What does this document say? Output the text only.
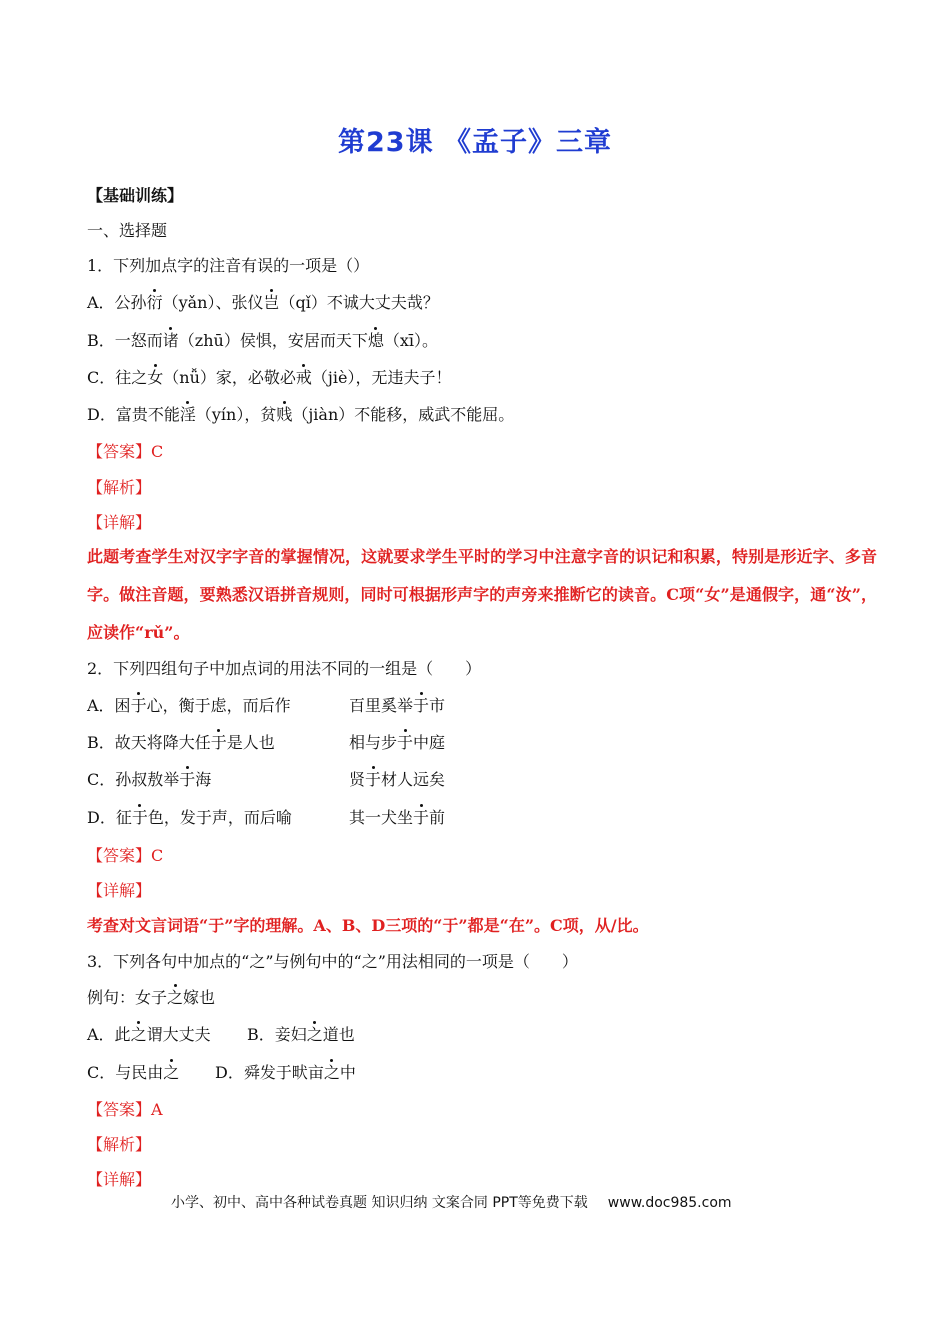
第23课 《孟子》三章
【基础训练】
一、选择题
1．下列加点字的注音有误的一项是（）
A．公孙衍（yǎn）、张仪岂（qǐ）不诚大丈夫哉？
B．一怒而诸（zhū）侯惧，安居而天下熄（xī）。
C．往之女（nǚ）家，必敬必戒（jiè），无违夫子！
D．富贵不能淫（yín），贫贱（jiàn）不能移，威武不能屈。
【答案】C
【解析】
【详解】
此题考查学生对汉字字音的掌握情况，这就要求学生平时的学习中注意字音的识记和积累，特别是形近字、多音字。做注音题，要熟悉汉语拼音规则，同时可根据形声字的声旁来推断它的读音。C项“女”是通假字，通“汝”，应读作“rǔ”。
2．下列四组句子中加点词的用法不同的一组是（　　）
A．困于心，衡于虑，而后作	百里奚举于市
B．故天将降大任于是人也	相与步于中庭
C．孙叔敖举于海	贤于材人远矣
D．征于色，发于声，而后喻	其一犬坐于前
【答案】C
【详解】
考查对文言词语“于”字的理解。A、B、D三项的“于”都是“在”。C项，从/比。
3．下列各句中加点的“之”与例句中的“之”用法相同的一项是（　　）
例句：女子之嫁也
A．此之谓大丈夫 B．妾妇之道也
C．与民由之 D．舜发于畎亩之中
【答案】A
【解析】
【详解】
小学、初中、高中各种试卷真题 知识归纳 文案合同 PPT等免费下载 www.doc985.com
